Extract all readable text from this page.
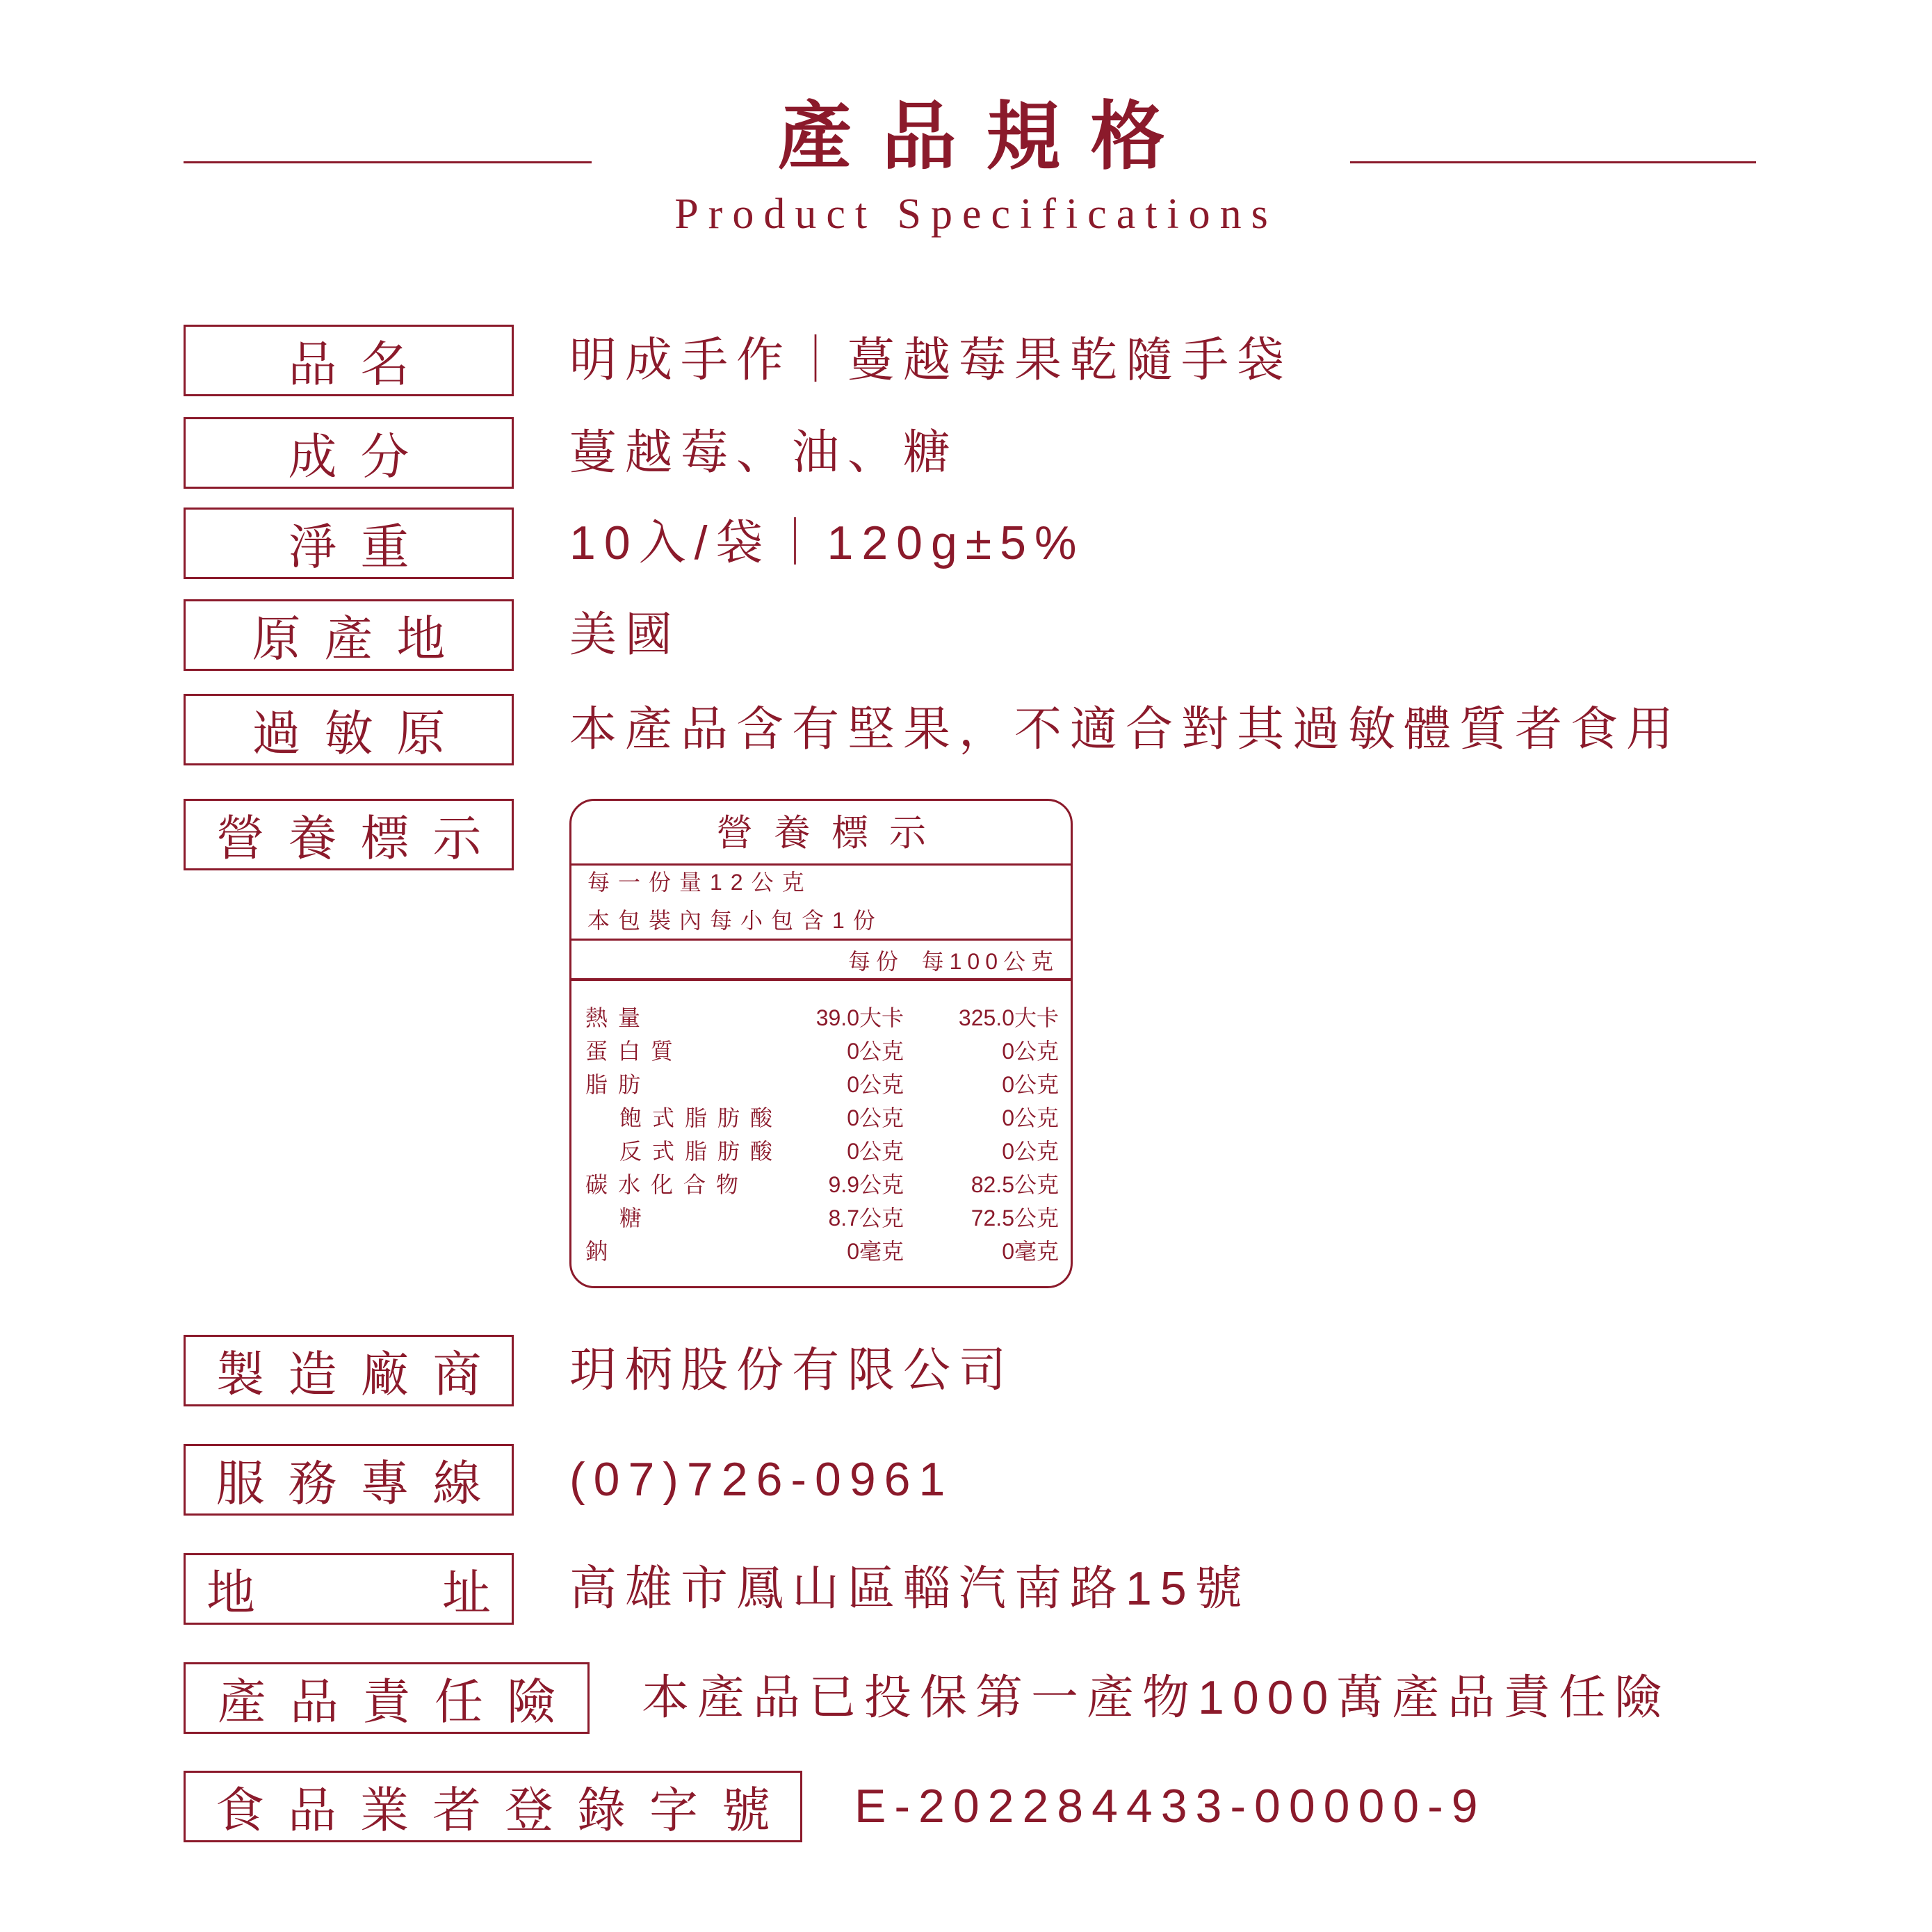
產品規格
Product Specifications
品名	明成手作｜蔓越莓果乾隨手袋
成分	蔓越莓、油、糖
淨重	10入/袋｜120g±5%
原產地	美國
過敏原	本產品含有堅果，不適合對其過敏體質者食用
營養標示	營養標示
每一份量12公克
本包裝內每小包含1份
每份 每100公克
熱量	39.0大卡 325.0大卡
蛋白質	0公克	0公克
脂肪	0公克	0公克
飽式脂肪酸	0公克	0公克
反式脂肪酸	0公克	0公克
碳水化合物	9.9公克	82.5公克
糖	8.7公克	72.5公克
鈉	0毫克	0毫克
製造廠商 玥柄股份有限公司
服務專線 (07)726-0961
地	址 高雄市鳳山區輜汽南路15號
產品責任險 本產品已投保第一產物1000萬產品責任險
食品業者登錄字號 E-202284433-00000-9
